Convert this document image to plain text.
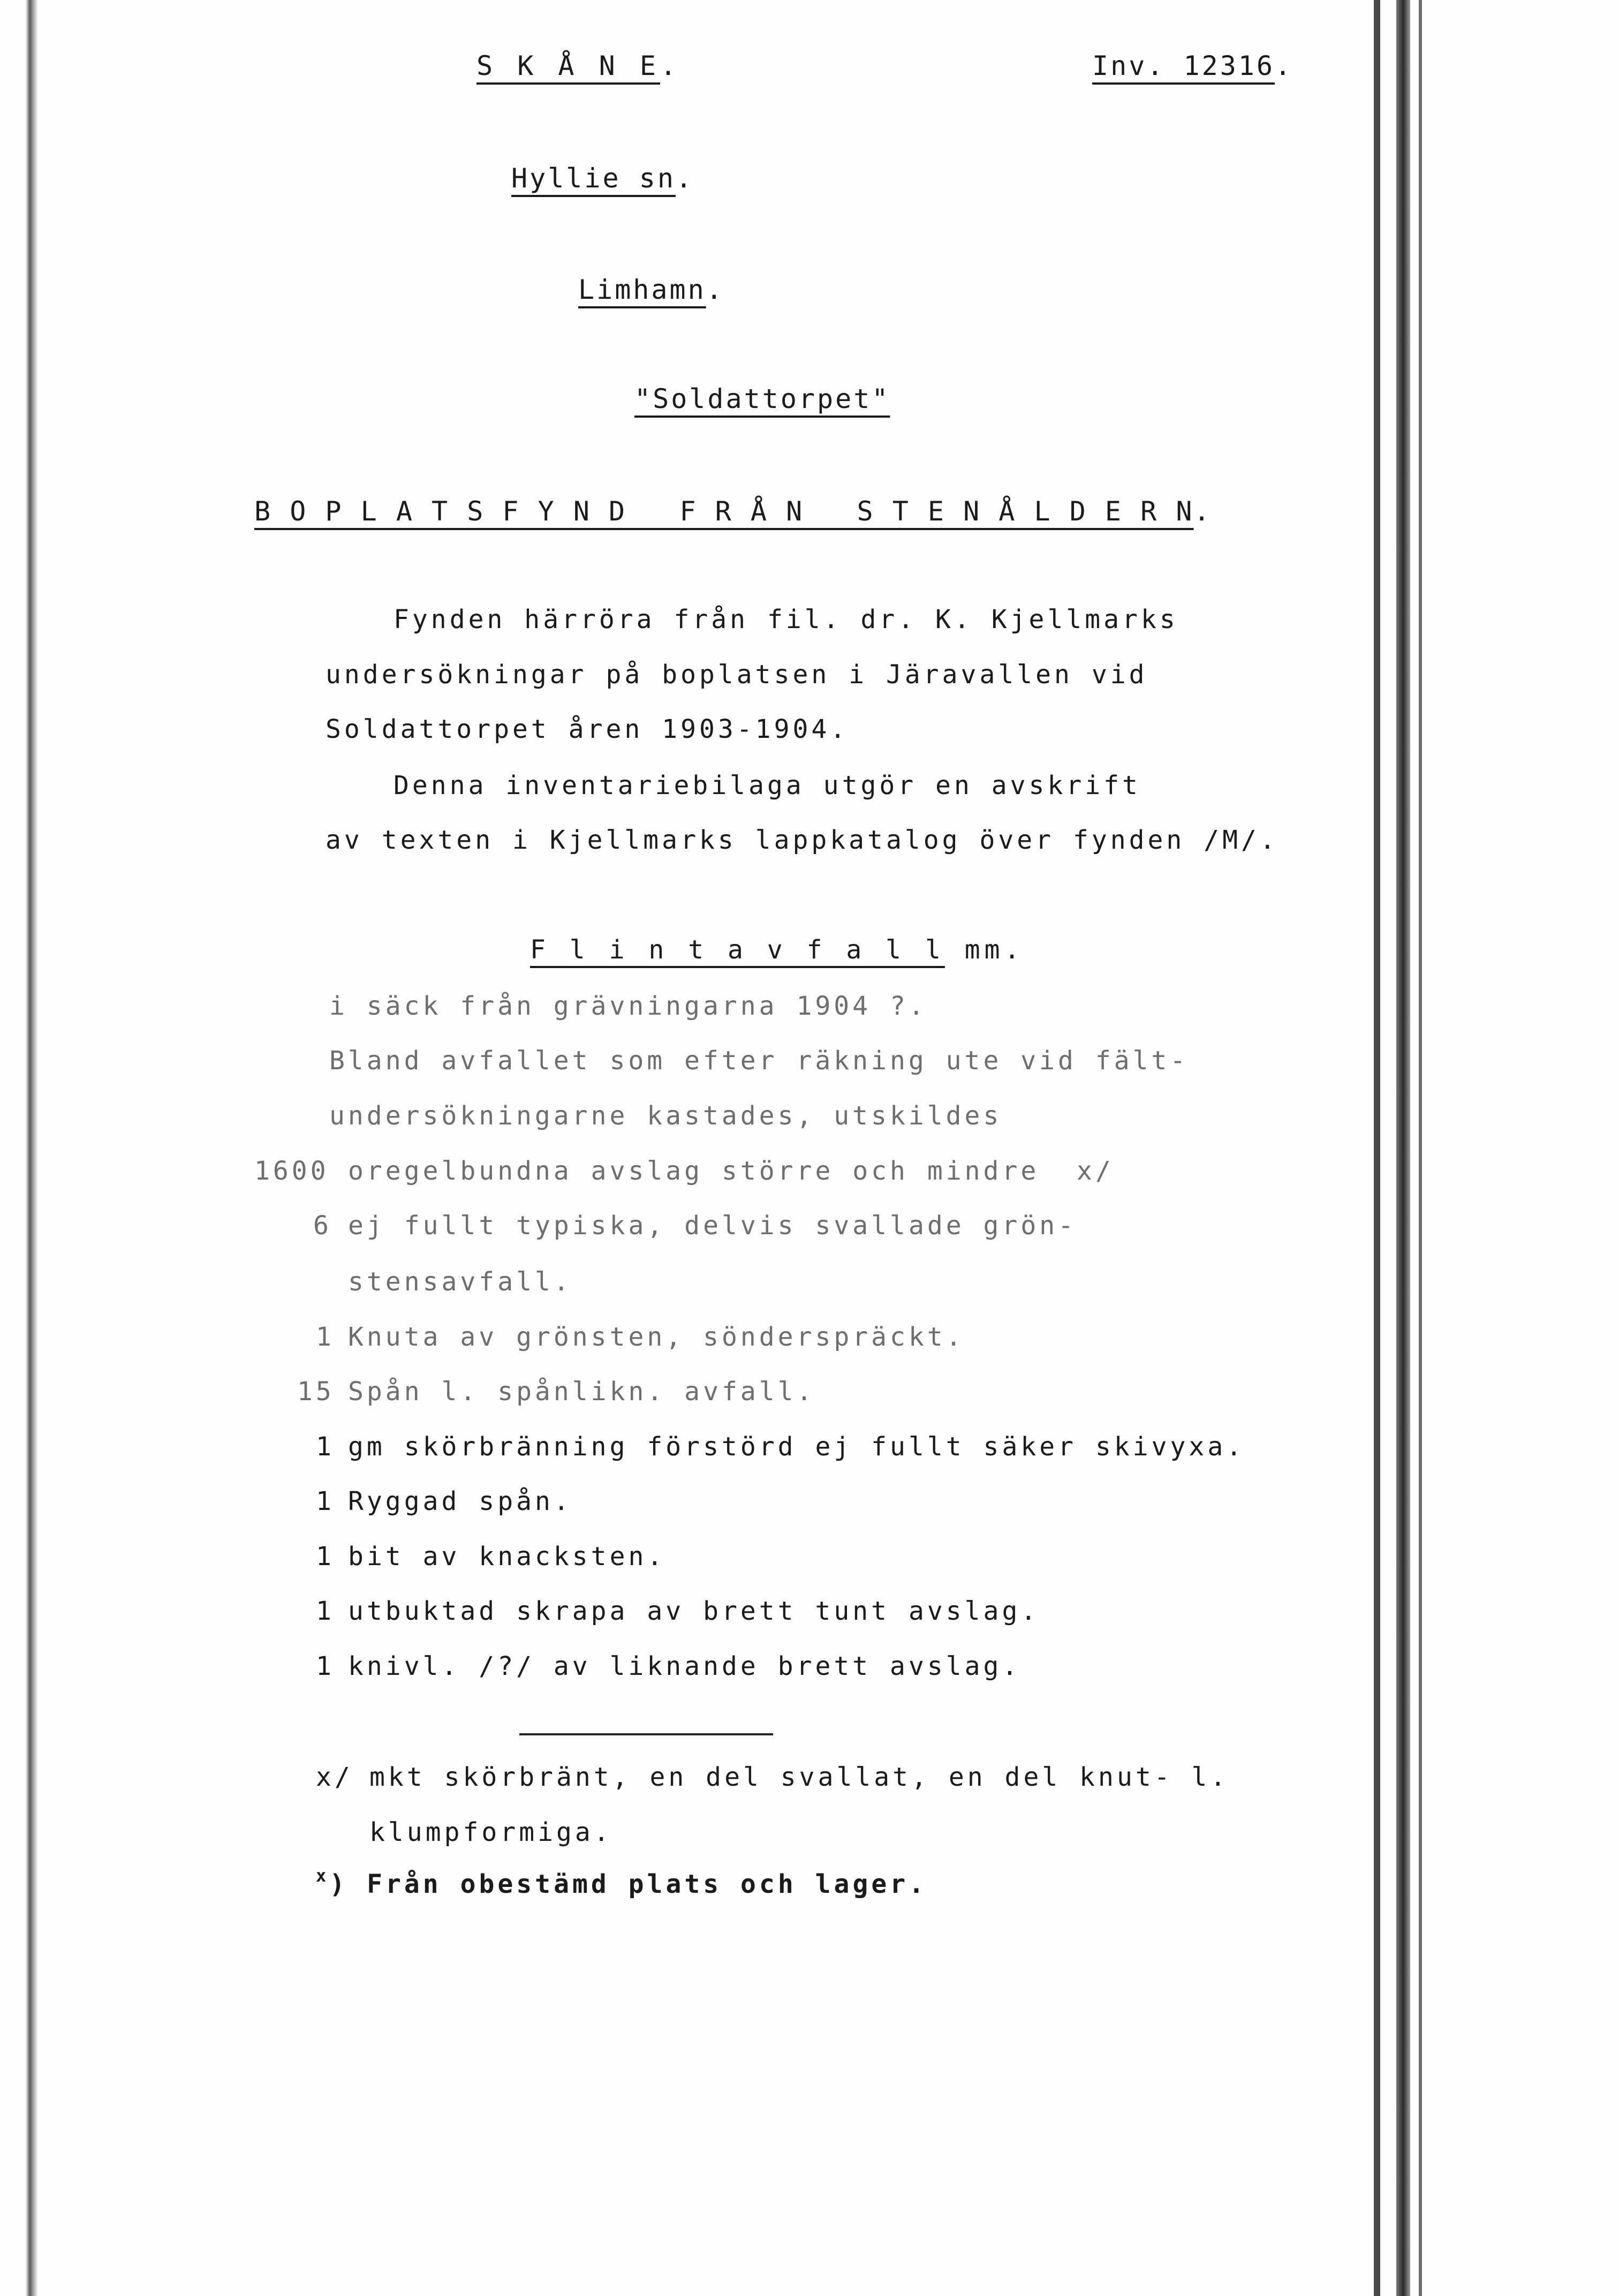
S K Å N E.	Inv. 12316.
Hyllie sn.
Limhamn.
"Soldattorpet"
B O P L A T S F Y N D   F R Å N   S T E N Å L D E R N.
Fynden härröra från fil. dr. K. Kjellmarks
undersökningar på boplatsen i Järavallen vid
Soldattorpet åren 1903-1904.
Denna inventariebilaga utgör en avskrift
av texten i Kjellmarks lappkatalog över fynden /M/.
F l i n t a v f a l l mm.
i säck från grävningarna 1904 ?.
Bland avfallet som efter räkning ute vid fält-
undersökningarne kastades, utskildes
1600 oregelbundna avslag större och mindre  x/
6 ej fullt typiska, delvis svallade grön-
stensavfall.
1 Knuta av grönsten, sönderspräckt.
15 Spån l. spånlikn. avfall.
1 gm skörbränning förstörd ej fullt säker skivyxa.
1 Ryggad spån.
1 bit av knacksten.
1 utbuktad skrapa av brett tunt avslag.
1 knivl. /?/ av liknande brett avslag.
x/ mkt skörbränt, en del svallat, en del knut- l.
klumpformiga.
$^x$) Från obestämd plats och lager.
